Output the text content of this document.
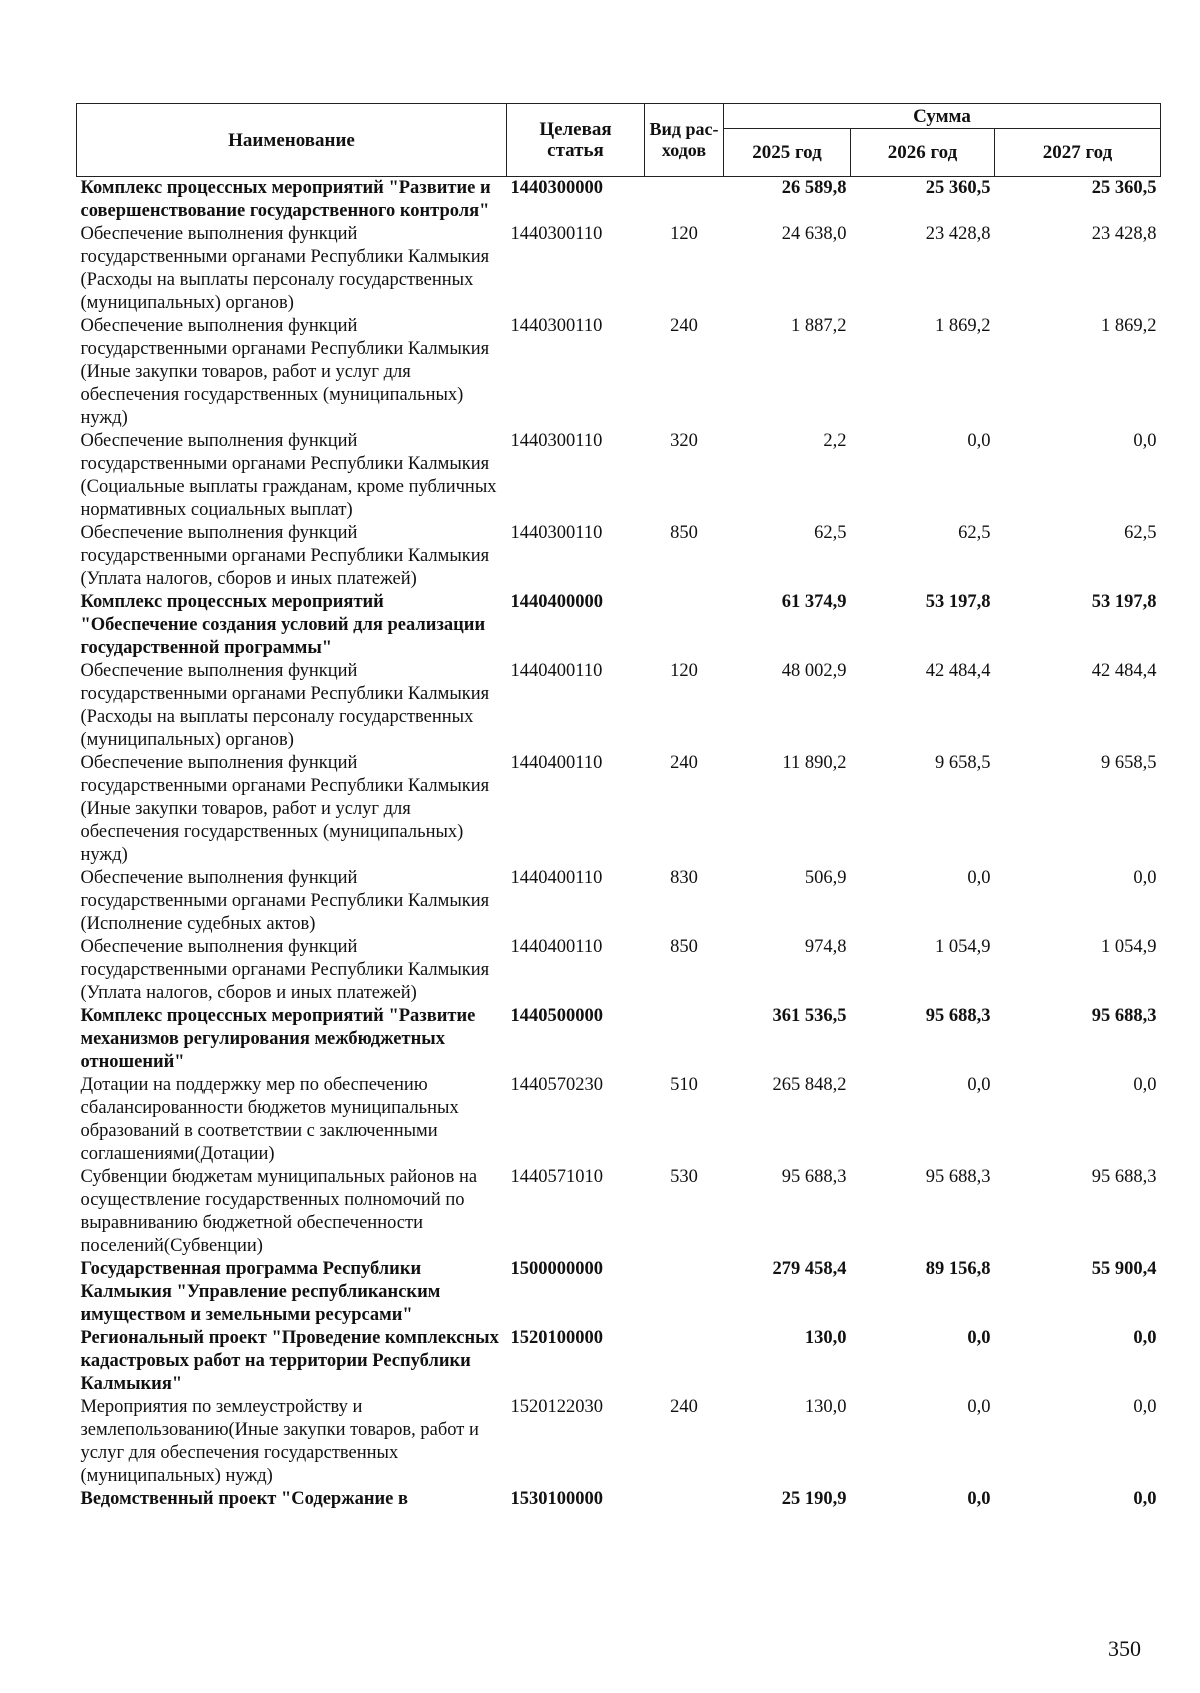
Наименование	Целевая статья	Вид рас-ходов	Сумма		
			2025 год	2026 год	2027 год
Комплекс процессных мероприятий "Развитие и совершенствование государственного контроля"	1440300000		26 589,8	25 360,5	25 360,5
Обеспечение выполнения функций государственными органами Республики Калмыкия (Расходы на выплаты персоналу государственных (муниципальных) органов)	1440300110	120	24 638,0	23 428,8	23 428,8
Обеспечение выполнения функций государственными органами Республики Калмыкия (Иные закупки товаров, работ и услуг для обеспечения государственных (муниципальных) нужд)	1440300110	240	1 887,2	1 869,2	1 869,2
Обеспечение выполнения функций государственными органами Республики Калмыкия (Социальные выплаты гражданам, кроме публичных нормативных социальных выплат)	1440300110	320	2,2	0,0	0,0
Обеспечение выполнения функций государственными органами Республики Калмыкия (Уплата налогов, сборов и иных платежей)	1440300110	850	62,5	62,5	62,5
Комплекс процессных мероприятий "Обеспечение создания условий для реализации государственной программы"	1440400000		61 374,9	53 197,8	53 197,8
Обеспечение выполнения функций государственными органами Республики Калмыкия (Расходы на выплаты персоналу государственных (муниципальных) органов)	1440400110	120	48 002,9	42 484,4	42 484,4
Обеспечение выполнения функций государственными органами Республики Калмыкия (Иные закупки товаров, работ и услуг для обеспечения государственных (муниципальных) нужд)	1440400110	240	11 890,2	9 658,5	9 658,5
Обеспечение выполнения функций государственными органами Республики Калмыкия (Исполнение судебных актов)	1440400110	830	506,9	0,0	0,0
Обеспечение выполнения функций государственными органами Республики Калмыкия (Уплата налогов, сборов и иных платежей)	1440400110	850	974,8	1 054,9	1 054,9
Комплекс процессных мероприятий "Развитие механизмов регулирования межбюджетных отношений"	1440500000		361 536,5	95 688,3	95 688,3
Дотации на поддержку мер по обеспечению сбалансированности бюджетов муниципальных образований в соответствии с заключенными соглашениями(Дотации)	1440570230	510	265 848,2	0,0	0,0
Субвенции бюджетам муниципальных районов на осуществление государственных полномочий по выравниванию бюджетной обеспеченности поселений(Субвенции)	1440571010	530	95 688,3	95 688,3	95 688,3
Государственная программа Республики Калмыкия "Управление республиканским имуществом и земельными ресурсами"	1500000000		279 458,4	89 156,8	55 900,4
Региональный проект "Проведение комплексных кадастровых работ на территории Республики Калмыкия"	1520100000		130,0	0,0	0,0
Мероприятия по землеустройству и землепользованию(Иные закупки товаров, работ и услуг для обеспечения государственных (муниципальных) нужд)	1520122030	240	130,0	0,0	0,0
Ведомственный проект "Содержание в	1530100000		25 190,9	0,0	0,0
350
